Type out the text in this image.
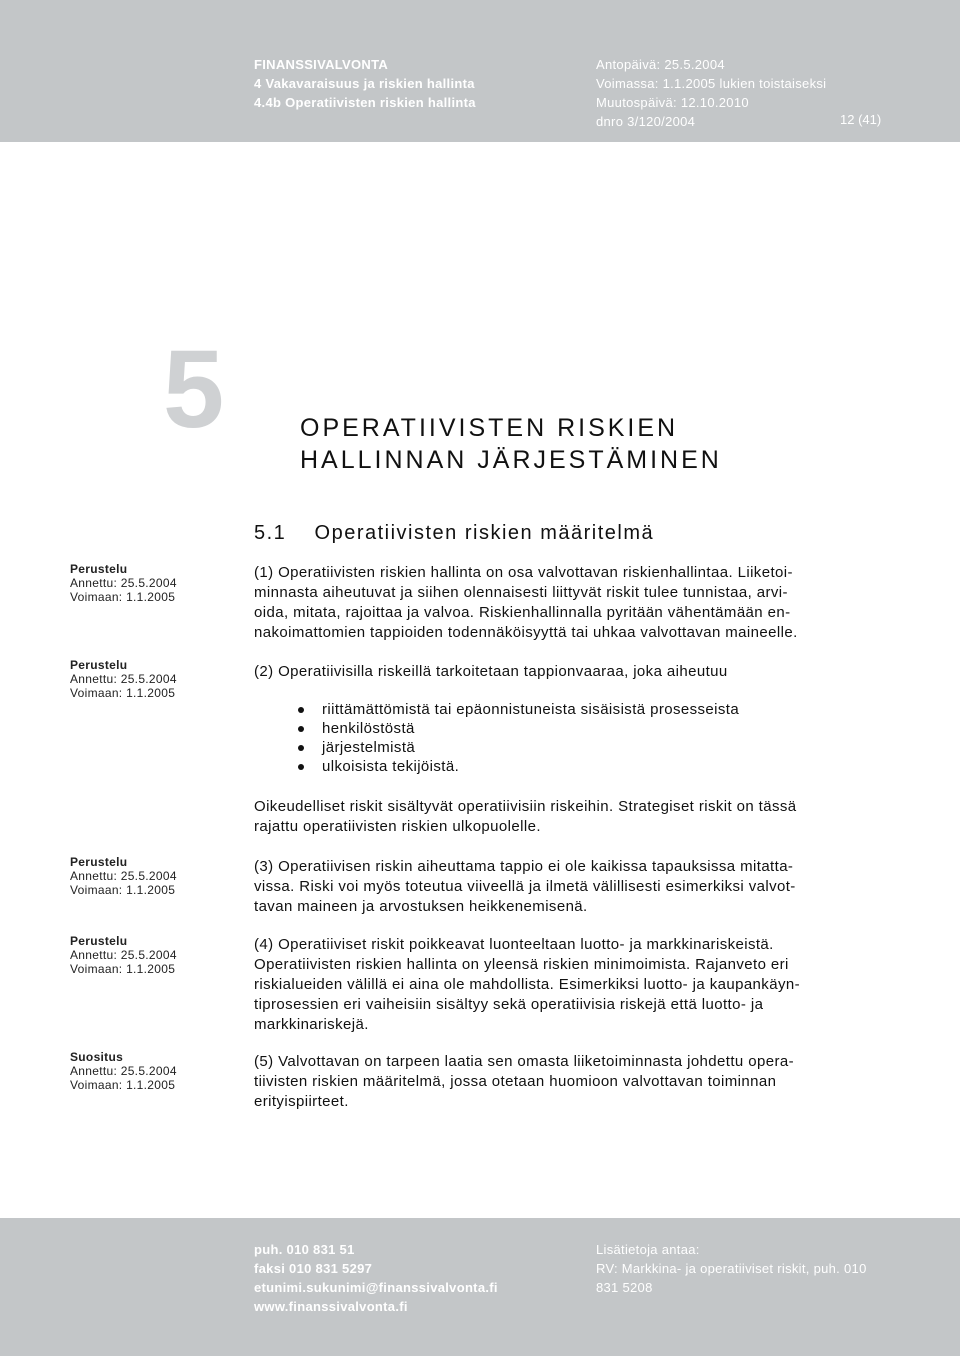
FINANSSIVALVONTA
4 Vakavaraisuus ja riskien hallinta
4.4b Operatiivisten riskien hallinta
Antopäivä: 25.5.2004
Voimassa: 1.1.2005 lukien toistaiseksi
Muutospäivä: 12.10.2010
dnro 3/120/2004	12 (41)
5	OPERATIIVISTEN RISKIEN
HALLINNAN JÄRJESTÄMINEN
5.1    Operatiivisten riskien määritelmä
Perustelu
Annettu: 25.5.2004
Voimaan: 1.1.2005
Perustelu
Annettu: 25.5.2004
Voimaan: 1.1.2005
Perustelu
Annettu: 25.5.2004
Voimaan: 1.1.2005
Perustelu
Annettu: 25.5.2004
Voimaan: 1.1.2005
Suositus
Annettu: 25.5.2004
Voimaan: 1.1.2005
(1) Operatiivisten riskien hallinta on osa valvottavan riskienhallintaa. Liiketoi-
minnasta aiheutuvat ja siihen olennaisesti liittyvät riskit tulee tunnistaa, arvi-
oida, mitata, rajoittaa ja valvoa. Riskienhallinnalla pyritään vähentämään en-
nakoimattomien tappioiden todennäköisyyttä tai uhkaa valvottavan maineelle.
(2) Operatiivisilla riskeillä tarkoitetaan tappionvaaraa, joka aiheutuu
riittämättömistä tai epäonnistuneista sisäisistä prosesseista
henkilöstöstä
järjestelmistä
ulkoisista tekijöistä.
Oikeudelliset riskit sisältyvät operatiivisiin riskeihin. Strategiset riskit on tässä
rajattu operatiivisten riskien ulkopuolelle.
(3) Operatiivisen riskin aiheuttama tappio ei ole kaikissa tapauksissa mitatta-
vissa. Riski voi myös toteutua viiveellä ja ilmetä välillisesti esimerkiksi valvot-
tavan maineen ja arvostuksen heikkenemisenä.
(4) Operatiiviset riskit poikkeavat luonteeltaan luotto- ja markkinariskeistä.
Operatiivisten riskien hallinta on yleensä riskien minimoimista. Rajanveto eri
riskialueiden välillä ei aina ole mahdollista. Esimerkiksi luotto- ja kaupankäyn-
tiprosessien eri vaiheisiin sisältyy sekä operatiivisia riskejä että luotto- ja
markkinariskejä.
(5) Valvottavan on tarpeen laatia sen omasta liiketoiminnasta johdettu opera-
tiivisten riskien määritelmä, jossa otetaan huomioon valvottavan toiminnan
erityispiirteet.
puh. 010 831 51
faksi 010 831 5297
etunimi.sukunimi@finanssivalvonta.fi
www.finanssivalvonta.fi
Lisätietoja antaa:
RV: Markkina- ja operatiiviset riskit, puh. 010
831 5208
